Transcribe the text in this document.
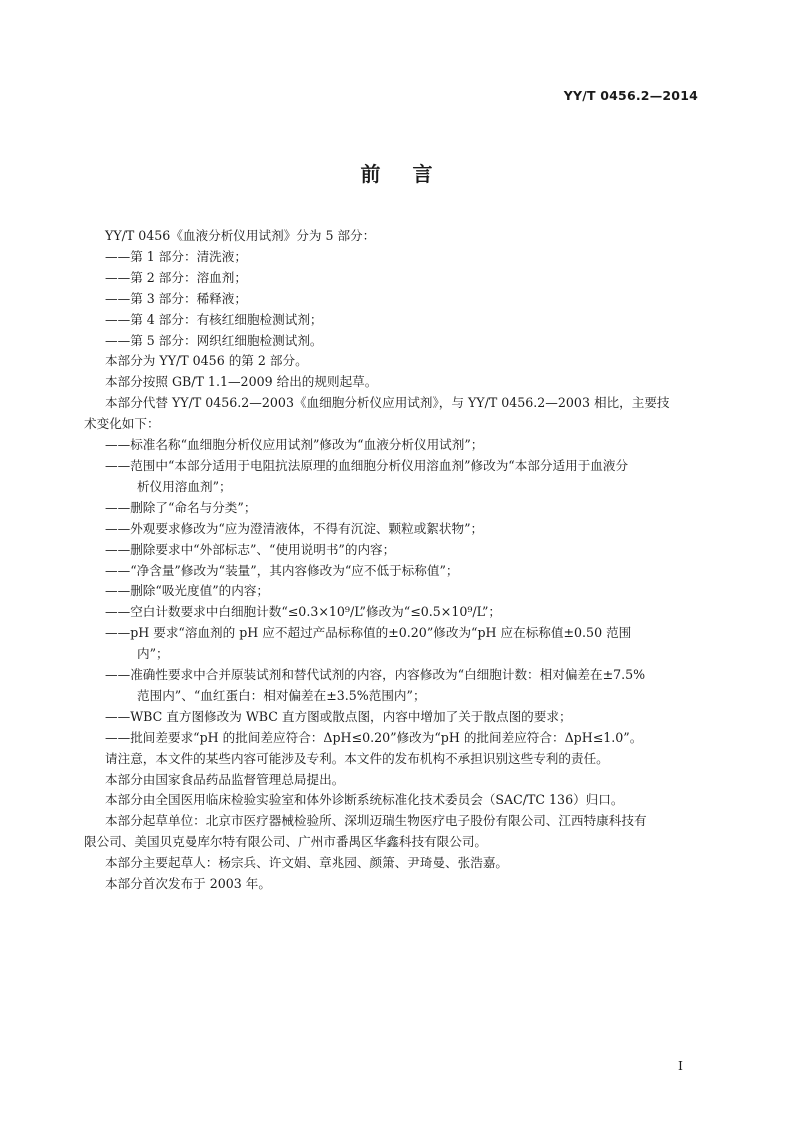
YY/T 0456.2—2014
前 言

YY/T 0456《血液分析仪用试剂》分为 5 部分：

——第 1 部分：清洗液；

——第 2 部分：溶血剂；

——第 3 部分：稀释液；

——第 4 部分：有核红细胞检测试剂；

——第 5 部分：网织红细胞检测试剂。

本部分为 YY/T 0456 的第 2 部分。

本部分按照 GB/T 1.1—2009 给出的规则起草。

本部分代替 YY/T 0456.2—2003《血细胞分析仪应用试剂》，与 YY/T 0456.2—2003 相比，主要技

术变化如下：

——标准名称“血细胞分析仪应用试剂”修改为“血液分析仪用试剂”；

——范围中“本部分适用于电阻抗法原理的血细胞分析仪用溶血剂”修改为“本部分适用于血液分

析仪用溶血剂”；

——删除了“命名与分类”；

——外观要求修改为“应为澄清液体，不得有沉淀、颗粒或絮状物”；

——删除要求中“外部标志”、“使用说明书”的内容；

——“净含量”修改为“装量”，其内容修改为“应不低于标称值”；

——删除“吸光度值”的内容；

——空白计数要求中白细胞计数“≤0.3×10⁹/L”修改为“≤0.5×10⁹/L”；

——pH 要求“溶血剂的 pH 应不超过产品标称值的±0.20”修改为“pH 应在标称值±0.50 范围

内”；

——准确性要求中合并原装试剂和替代试剂的内容，内容修改为“白细胞计数：相对偏差在±7.5%

范围内”、“血红蛋白：相对偏差在±3.5%范围内”；

——WBC 直方图修改为 WBC 直方图或散点图，内容中增加了关于散点图的要求；

——批间差要求“pH 的批间差应符合：ΔpH≤0.20”修改为“pH 的批间差应符合：ΔpH≤1.0”。

请注意，本文件的某些内容可能涉及专利。本文件的发布机构不承担识别这些专利的责任。

本部分由国家食品药品监督管理总局提出。

本部分由全国医用临床检验实验室和体外诊断系统标准化技术委员会（SAC/TC 136）归口。

本部分起草单位：北京市医疗器械检验所、深圳迈瑞生物医疗电子股份有限公司、江西特康科技有

限公司、美国贝克曼库尔特有限公司、广州市番禺区华鑫科技有限公司。

本部分主要起草人：杨宗兵、许文娟、章兆园、颜箫、尹琦曼、张浩嘉。

本部分首次发布于 2003 年。

I
